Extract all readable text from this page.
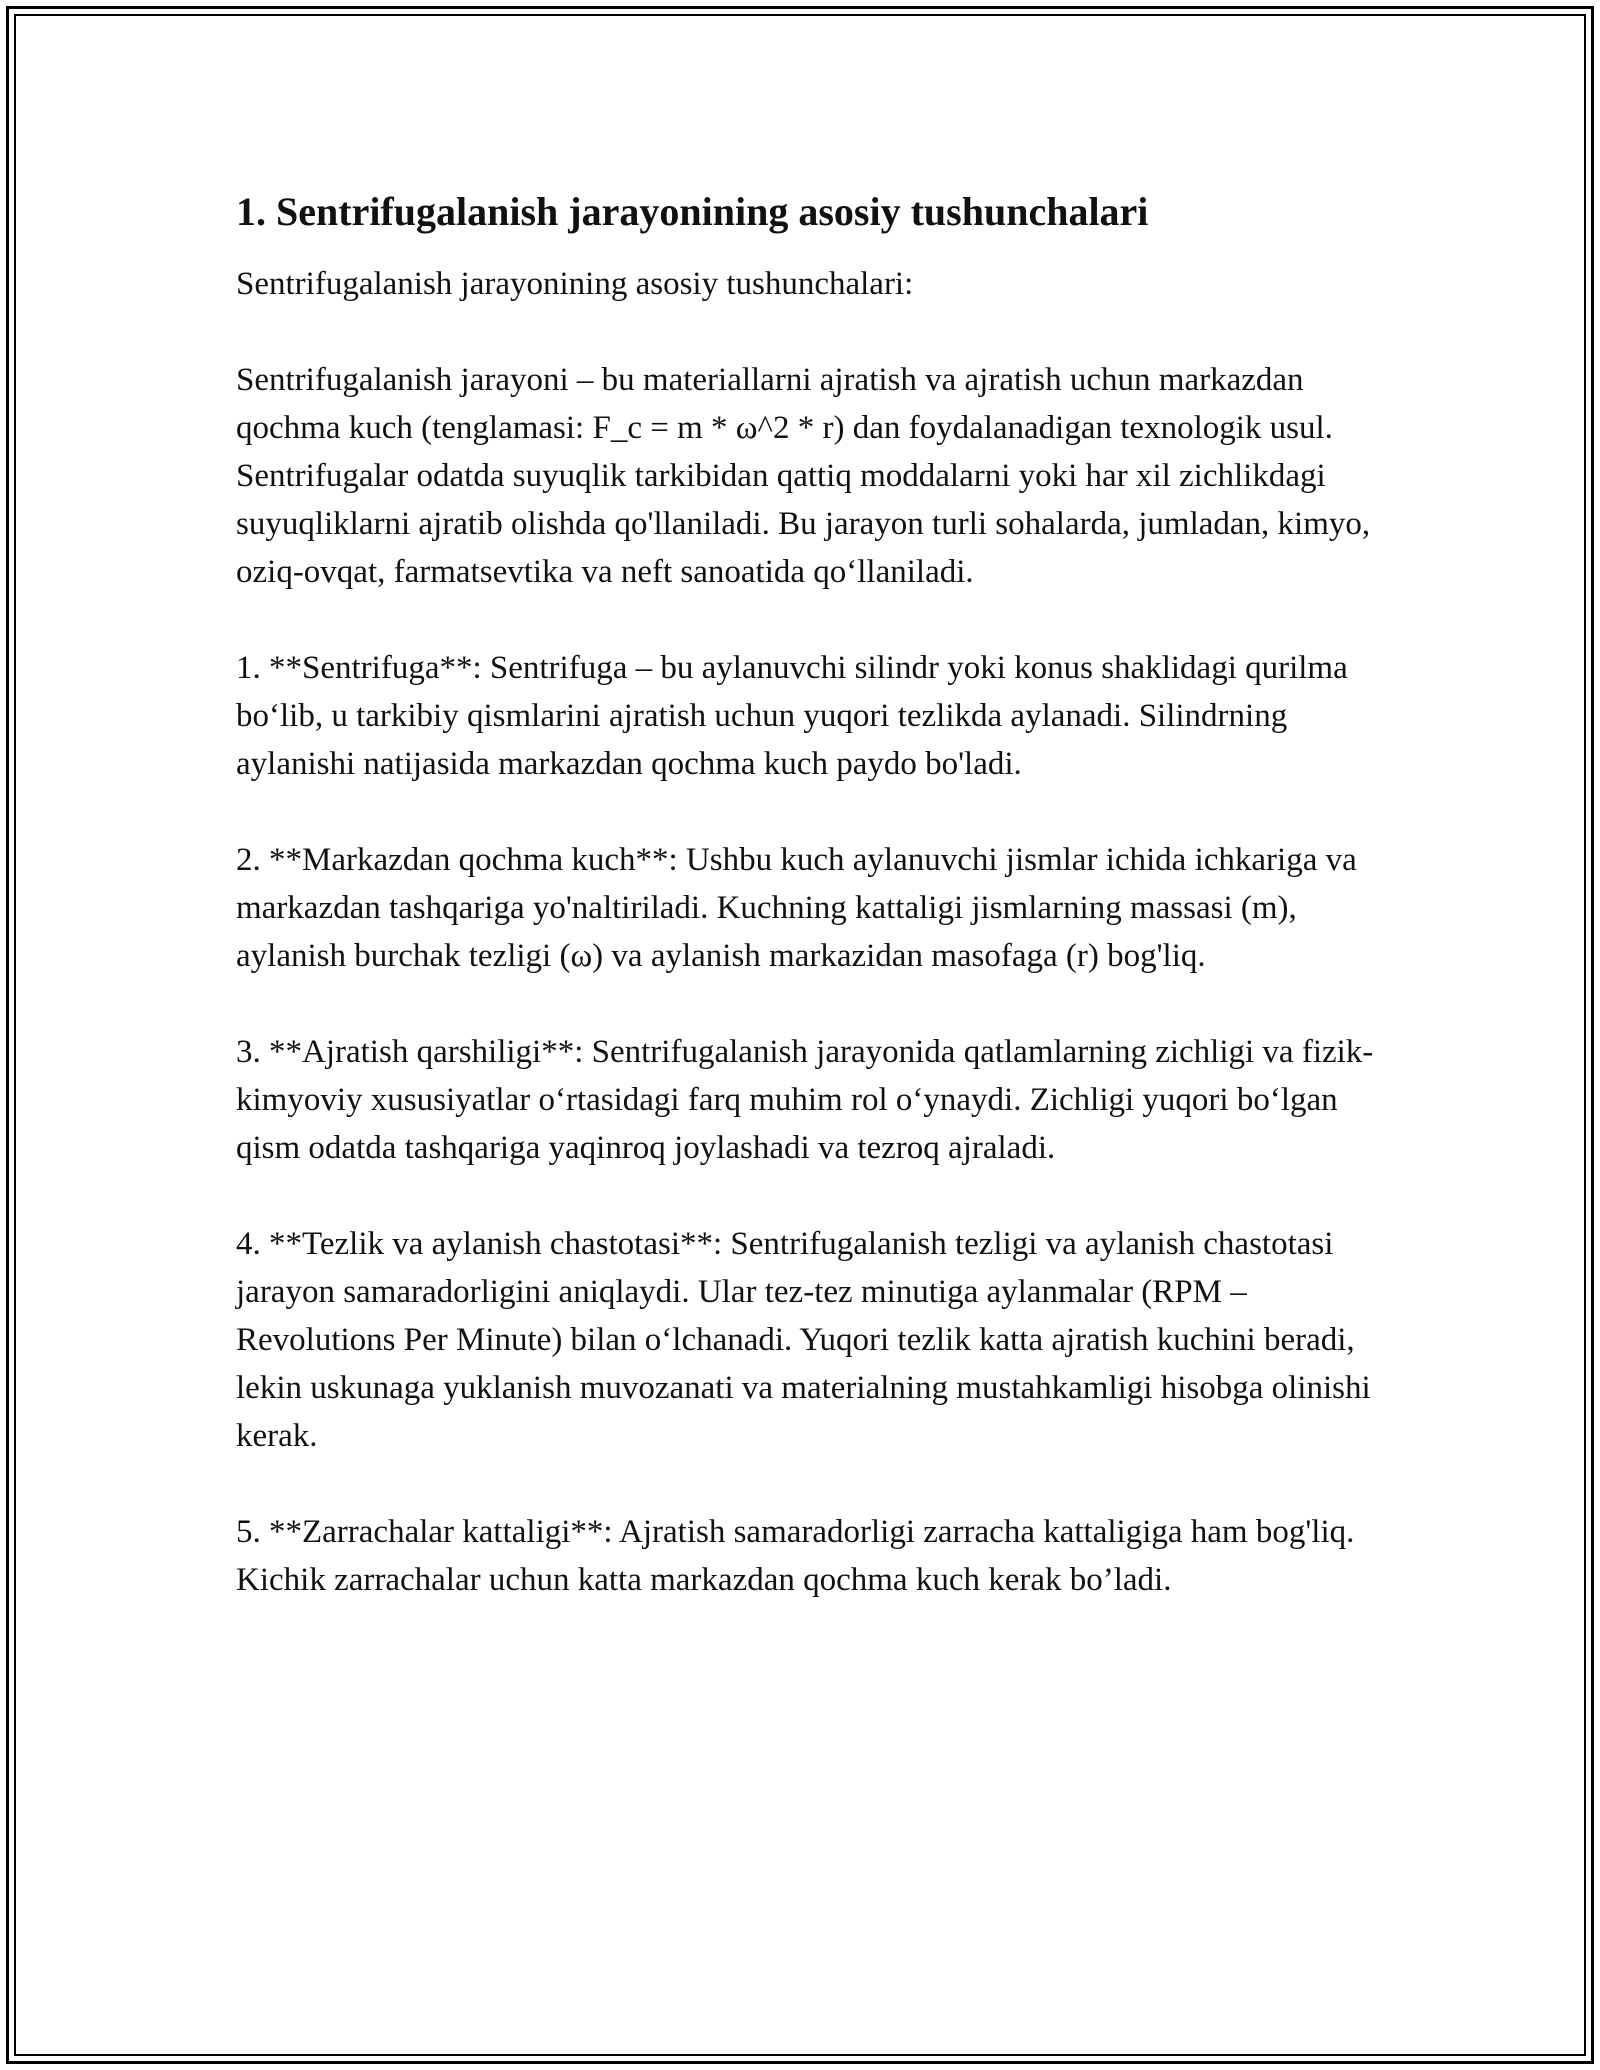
1. Sentrifugalanish jarayonining asosiy tushunchalari

Sentrifugalanish jarayonining asosiy tushunchalari:

Sentrifugalanish jarayoni – bu materiallarni ajratish va ajratish uchun markazdan qochma kuch (tenglamasi: F_c = m * ω^2 * r) dan foydalanadigan texnologik usul. Sentrifugalar odatda suyuqlik tarkibidan qattiq moddalarni yoki har xil zichlikdagi suyuqliklarni ajratib olishda qo'llaniladi. Bu jarayon turli sohalarda, jumladan, kimyo, oziq-ovqat, farmatsevtika va neft sanoatida qoʻllaniladi.

1. **Sentrifuga**: Sentrifuga – bu aylanuvchi silindr yoki konus shaklidagi qurilma boʻlib, u tarkibiy qismlarini ajratish uchun yuqori tezlikda aylanadi. Silindrning aylanishi natijasida markazdan qochma kuch paydo bo'ladi.

2. **Markazdan qochma kuch**: Ushbu kuch aylanuvchi jismlar ichida ichkariga va markazdan tashqariga yo'naltiriladi. Kuchning kattaligi jismlarning massasi (m), aylanish burchak tezligi (ω) va aylanish markazidan masofaga (r) bog'liq.

3. **Ajratish qarshiligi**: Sentrifugalanish jarayonida qatlamlarning zichligi va fizik-kimyoviy xususiyatlar oʻrtasidagi farq muhim rol oʻynaydi. Zichligi yuqori boʻlgan qism odatda tashqariga yaqinroq joylashadi va tezroq ajraladi.

4. **Tezlik va aylanish chastotasi**: Sentrifugalanish tezligi va aylanish chastotasi jarayon samaradorligini aniqlaydi. Ular tez-tez minutiga aylanmalar (RPM – Revolutions Per Minute) bilan oʻlchanadi. Yuqori tezlik katta ajratish kuchini beradi, lekin uskunaga yuklanish muvozanati va materialning mustahkamligi hisobga olinishi kerak.

5. **Zarrachalar kattaligi**: Ajratish samaradorligi zarracha kattaligiga ham bog'liq. Kichik zarrachalar uchun katta markazdan qochma kuch kerak bo’ladi.
